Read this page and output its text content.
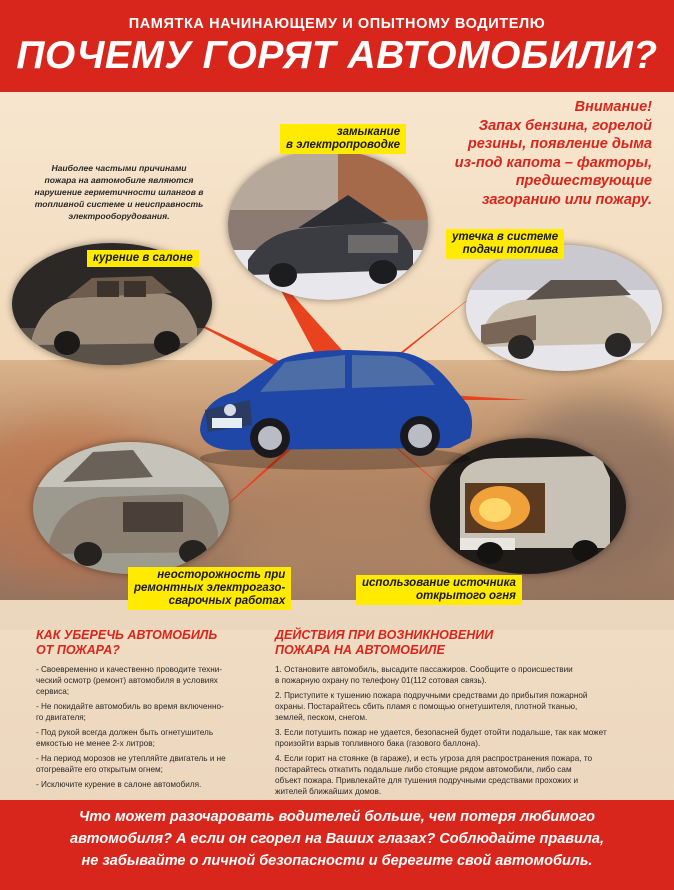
ПАМЯТКА НАЧИНАЮЩЕМУ И ОПЫТНОМУ ВОДИТЕЛЮ
ПОЧЕМУ ГОРЯТ АВТОМОБИЛИ?
Внимание!
Запах бензина, горелой
резины, появление дыма
из-под капота – факторы,
предшествующие
загоранию или пожару.
Наиболее частыми причинами
пожара на автомобиле являются
нарушение герметичности шлангов в
топливной системе и неисправность
электрооборудования.
замыкание
в электропроводке
курение в салоне
утечка в системе
подачи топлива
неосторожность при
ремонтных электрогазо-
сварочных работах
использование источника
открытого огня
КАК УБЕРЕЧЬ АВТОМОБИЛЬ
ОТ ПОЖАРА?
- Своевременно и качественно проводите техни-
ческий осмотр (ремонт) автомобиля в условиях
сервиса;
- Не покидайте автомобиль во время включенно-
го двигателя;
- Под рукой всегда должен быть огнетушитель
емкостью не менее 2-х литров;
- На период морозов не утепляйте двигатель и не
отогревайте его открытым огнем;
- Исключите курение в салоне автомобиля.
ДЕЙСТВИЯ ПРИ ВОЗНИКНОВЕНИИ
ПОЖАРА НА АВТОМОБИЛЕ
1. Остановите автомобиль, высадите пассажиров. Сообщите о происшествии
в пожарную охрану по телефону 01(112 сотовая связь).
2. Приступите к тушению пожара подручными средствами до прибытия пожарной
охраны. Постарайтесь сбить пламя с помощью огнетушителя, плотной тканью,
землей, песком, снегом.
3. Если потушить пожар не удается, безопасней будет отойти подальше, так как может
произойти взрыв топливного бака (газового баллона).
4. Если горит на стоянке (в гараже), и есть угроза для распространения пожара, то
постарайтесь откатить подальше либо стоящие рядом автомобили, либо сам
объект пожара. Привлекайте для тушения подручными средствами прохожих и
жителей ближайших домов.
Что может разочаровать водителей больше, чем потеря любимого
автомобиля? А если он сгорел на Ваших глазах? Соблюдайте правила,
не забывайте о личной безопасности и берегите свой автомобиль.
